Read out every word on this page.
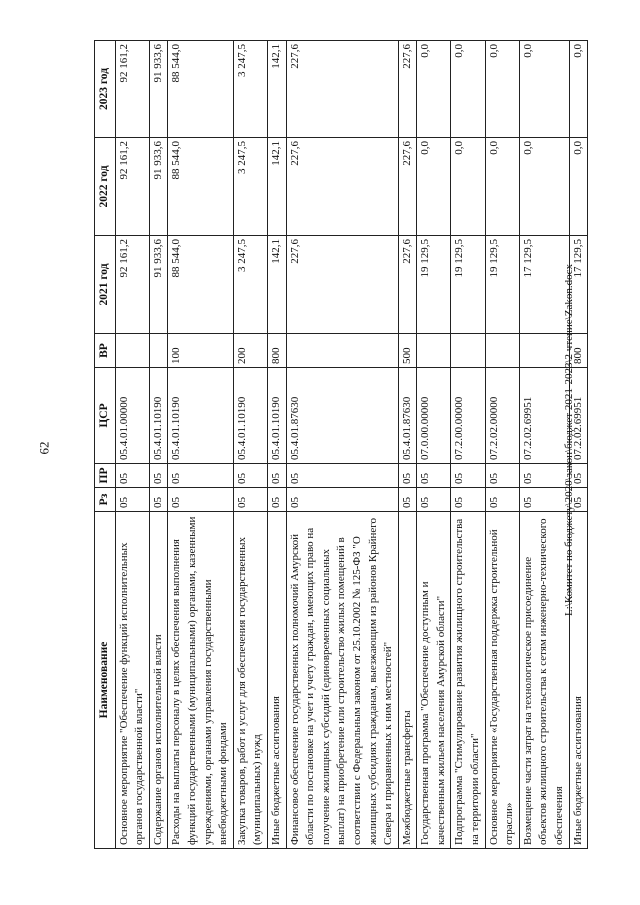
62
Наименование	Рз	ПР	ЦСР	ВР	2021 год	2022 год	2023 год
Основное мероприятие "Обеспечение функций исполнительных органов государственной власти"	05	05	05.4.01.00000		92 161,2	92 161,2	92 161,2
Содержание органов исполнительной власти	05	05	05.4.01.10190		91 933,6	91 933,6	91 933,6
Расходы на выплаты персоналу в целях обеспечения выполнения функций государственными (муниципальными) органами, казенными учреждениями, органами управления государственными внебюджетными фондами	05	05	05.4.01.10190	100	88 544,0	88 544,0	88 544,0
Закупка товаров, работ и услуг для обеспечения государственных (муниципальных) нужд	05	05	05.4.01.10190	200	3 247,5	3 247,5	3 247,5
Иные бюджетные ассигнования	05	05	05.4.01.10190	800	142,1	142,1	142,1
Финансовое обеспечение государственных полномочий Амурской области по постановке на учет и учету граждан, имеющих право на получение жилищных субсидий (единовременных социальных выплат) на приобретение или строительство жилых помещений в соответствии с Федеральным законом от 25.10.2002 № 125-ФЗ "О жилищных субсидиях гражданам, выезжающим из районов Крайнего Севера и приравненных к ним местностей"	05	05	05.4.01.87630		227,6	227,6	227,6
Межбюджетные трансферты	05	05	05.4.01.87630	500	227,6	227,6	227,6
Государственная программа "Обеспечение доступным и качественным жильем населения Амурской области"	05	05	07.0.00.00000		19 129,5	0,0	0,0
Подпрограмма "Стимулирование развития жилищного строительства на территории области"	05	05	07.2.00.00000		19 129,5	0,0	0,0
Основное мероприятие «Государственная поддержка строительной отрасли»	05	05	07.2.02.00000		19 129,5	0,0	0,0
Возмещение части затрат на технологическое присоединение объектов жилищного строительства к сетям инженерно-технического обеспечения	05	05	07.2.02.69951		17 129,5	0,0	0,0
Иные бюджетные ассигнования	05	05	07.2.02.69951	800	17 129,5	0,0	0,0
L:\Комитет по бюджету\2020\закон\бюджет 2021-2023\2 чтение\Zakon.docx
